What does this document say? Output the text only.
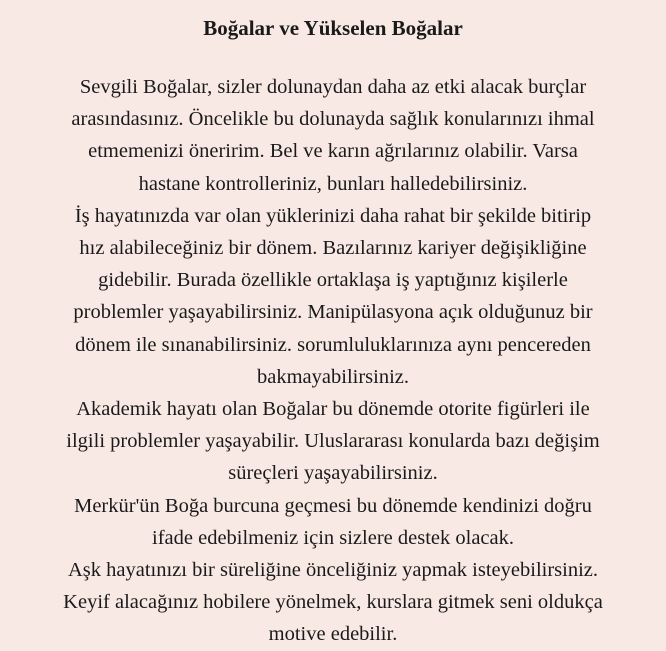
Boğalar ve Yükselen Boğalar
Sevgili Boğalar, sizler dolunaydan daha az etki alacak burçlar
arasındasınız. Öncelikle bu dolunayda sağlık konularınızı ihmal
etmemenizi öneririm. Bel ve karın ağrılarınız olabilir. Varsa
hastane kontrolleriniz, bunları halledebilirsiniz.
İş hayatınızda var olan yüklerinizi daha rahat bir şekilde bitirip
hız alabileceğiniz bir dönem. Bazılarınız kariyer değişikliğine
gidebilir. Burada özellikle ortaklaşa iş yaptığınız kişilerle
problemler yaşayabilirsiniz. Manipülasyona açık olduğunuz bir
dönem ile sınanabilirsiniz. sorumluluklarınıza aynı pencereden
bakmayabilirsiniz.
Akademik hayatı olan Boğalar bu dönemde otorite figürleri ile
ilgili problemler yaşayabilir. Uluslararası konularda bazı değişim
süreçleri yaşayabilirsiniz.
Merkür'ün Boğa burcuna geçmesi bu dönemde kendinizi doğru
ifade edebilmeniz için sizlere destek olacak.
Aşk hayatınızı bir süreliğine önceliğiniz yapmak isteyebilirsiniz.
Keyif alacağınız hobilere yönelmek, kurslara gitmek seni oldukça
motive edebilir.
